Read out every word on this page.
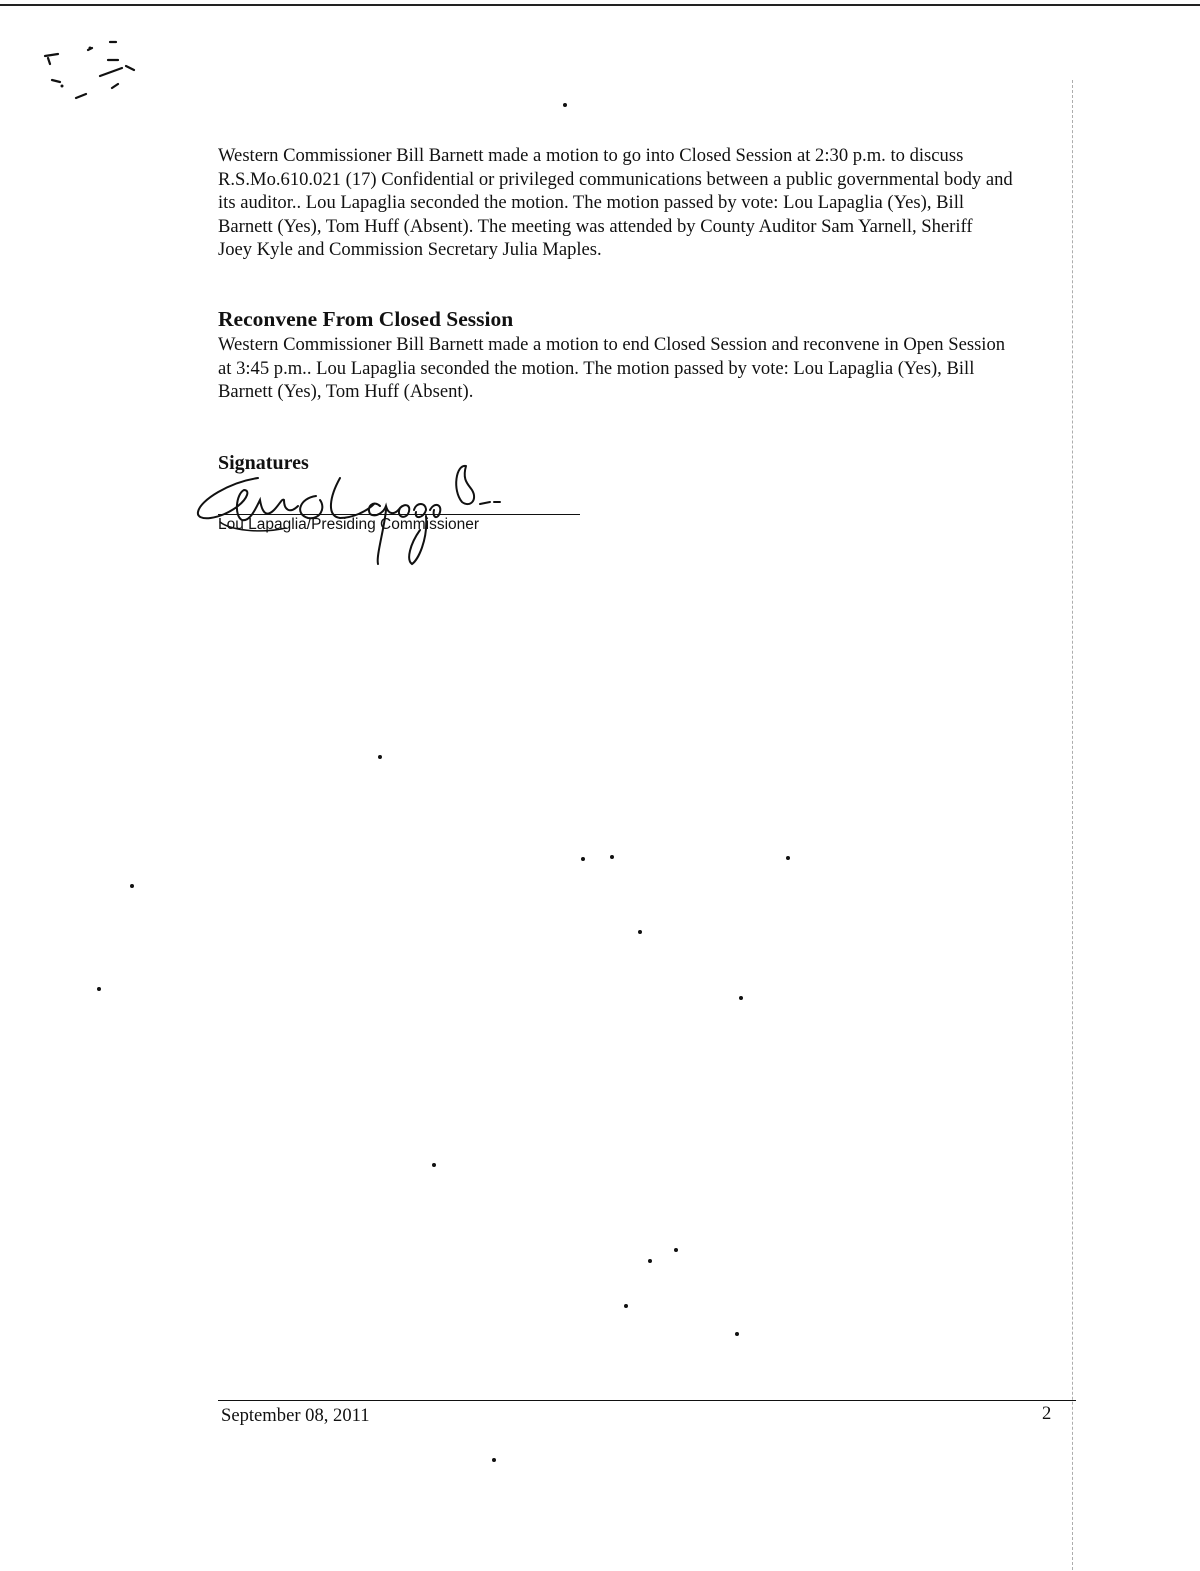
Western Commissioner Bill Barnett made a motion to go into Closed Session at 2:30 p.m. to discuss
R.S.Mo.610.021 (17) Confidential or privileged communications between a public governmental body and
its auditor.. Lou Lapaglia seconded the motion. The motion passed by vote: Lou Lapaglia (Yes), Bill
Barnett (Yes), Tom Huff (Absent). The meeting was attended by County Auditor Sam Yarnell, Sheriff
Joey Kyle and Commission Secretary Julia Maples.

Reconvene From Closed Session

Western Commissioner Bill Barnett made a motion to end Closed Session and reconvene in Open Session
at 3:45 p.m.. Lou Lapaglia seconded the motion. The motion passed by vote: Lou Lapaglia (Yes), Bill
Barnett (Yes), Tom Huff (Absent).

Signatures

Lou Lapaglia/Presiding Commissioner

September 08, 2011	2
